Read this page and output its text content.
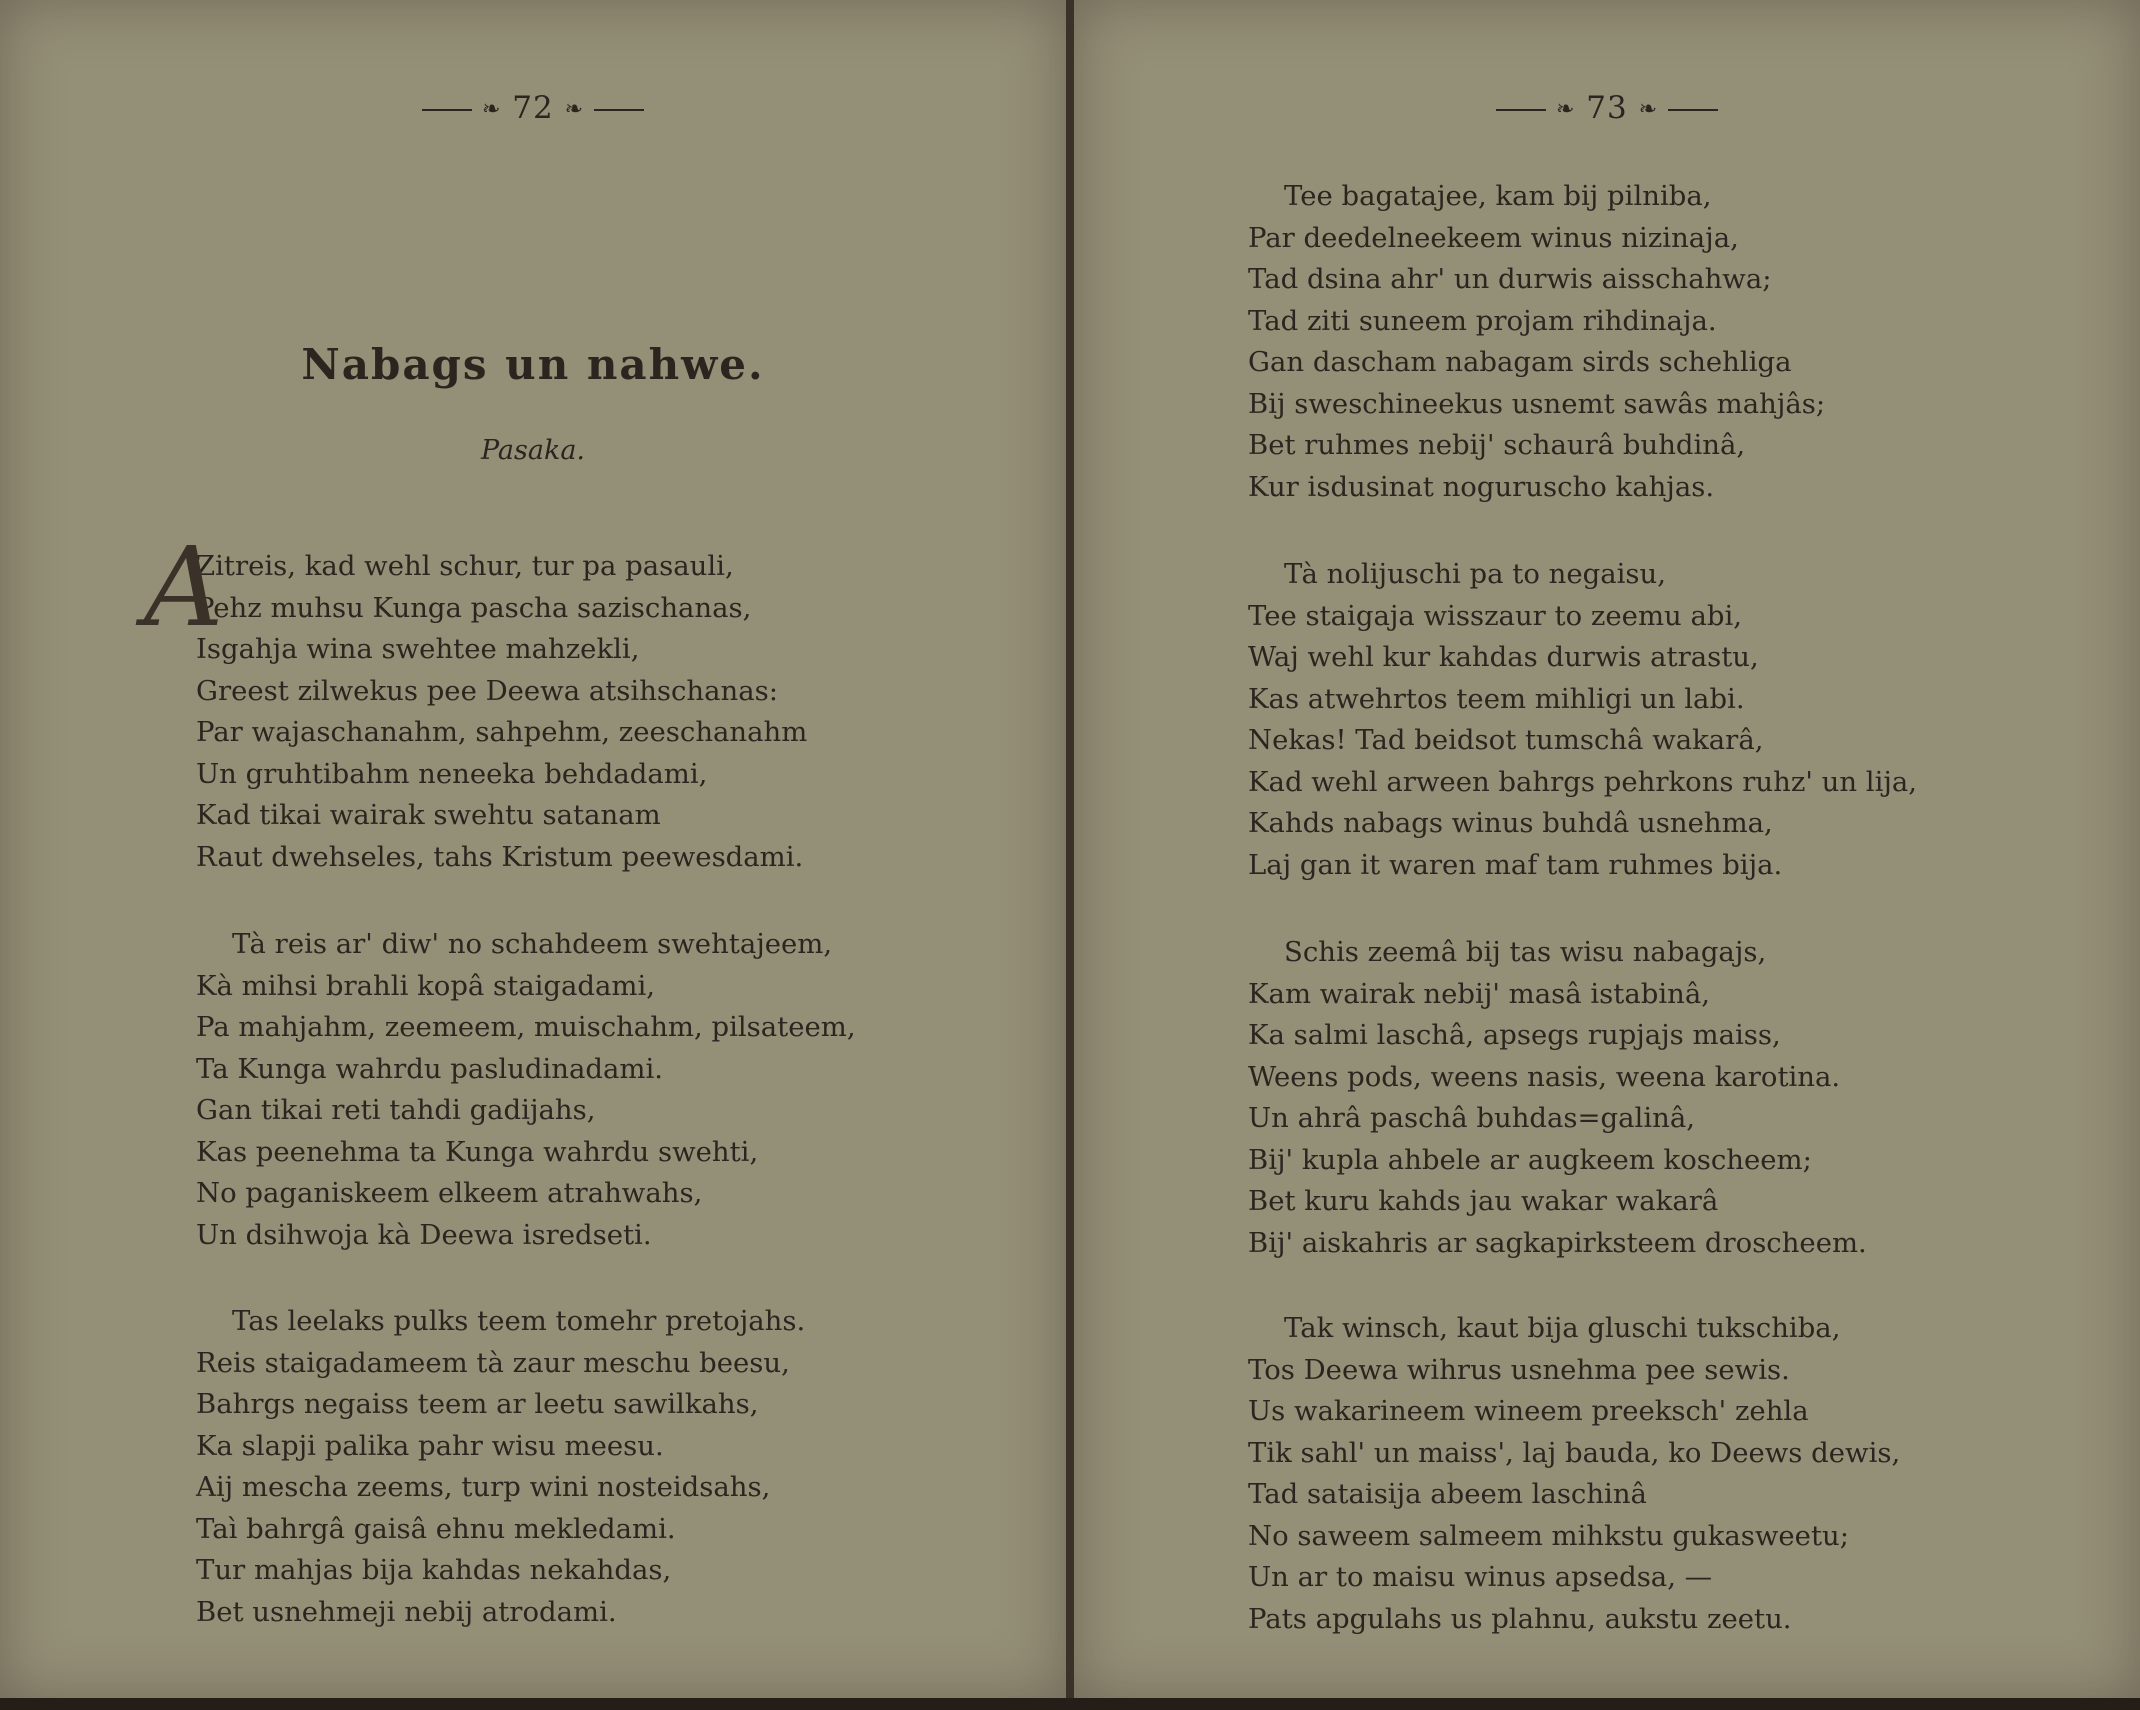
❧ 72 ❧
Nabags un nahwe.
Pasaka.
A
Zitreis, kad wehl schur, tur pa pasauli,
Pehz muhsu Kunga pascha sazischanas,
Isgahja wina swehtee mahzekli,
Greest zilwekus pee Deewa atsihschanas:
Par wajaschanahm, sahpehm, zeeschanahm
Un gruhtibahm neneeka behdadami,
Kad tikai wairak swehtu satanam
Raut dwehseles, tahs Kristum peewesdami.
Tà reis ar' diw' no schahdeem swehtajeem,
Kà mihsi brahli kopâ staigadami,
Pa mahjahm, zeemeem, muischahm, pilsateem,
Ta Kunga wahrdu pasludinadami.
Gan tikai reti tahdi gadijahs,
Kas peenehma ta Kunga wahrdu swehti,
No paganiskeem elkeem atrahwahs,
Un dsihwoja kà Deewa isredseti.
Tas leelaks pulks teem tomehr pretojahs.
Reis staigadameem tà zaur meschu beesu,
Bahrgs negaiss teem ar leetu sawilkahs,
Ka slapji palika pahr wisu meesu.
Aij mescha zeems, turp wini nosteidsahs,
Taì bahrgâ gaisâ ehnu mekledami.
Tur mahjas bija kahdas nekahdas,
Bet usnehmeji nebij atrodami.
❧ 73 ❧
Tee bagatajee, kam bij pilniba,
Par deedelneekeem winus nizinaja,
Tad dsina ahr' un durwis aisschahwa;
Tad ziti suneem projam rihdinaja.
Gan dascham nabagam sirds schehliga
Bij sweschineekus usnemt sawâs mahjâs;
Bet ruhmes nebij' schaurâ buhdinâ,
Kur isdusinat noguruscho kahjas.
Tà nolijuschi pa to negaisu,
Tee staigaja wisszaur to zeemu abi,
Waj wehl kur kahdas durwis atrastu,
Kas atwehrtos teem mihligi un labi.
Nekas! Tad beidsot tumschâ wakarâ,
Kad wehl arween bahrgs pehrkons ruhz' un lija,
Kahds nabags winus buhdâ usnehma,
Laj gan it waren maf tam ruhmes bija.
Schis zeemâ bij tas wisu nabagajs,
Kam wairak nebij' masâ istabinâ,
Ka salmi laschâ, apsegs rupjajs maiss,
Weens pods, weens nasis, weena karotina.
Un ahrâ paschâ buhdas=galinâ,
Bij' kupla ahbele ar augkeem koscheem;
Bet kuru kahds jau wakar wakarâ
Bij' aiskahris ar sagkapirksteem droscheem.
Tak winsch, kaut bija gluschi tukschiba,
Tos Deewa wihrus usnehma pee sewis.
Us wakarineem wineem preeksch' zehla
Tik sahl' un maiss', laj bauda, ko Deews dewis,
Tad sataisija abeem laschinâ
No saweem salmeem mihkstu gukasweetu;
Un ar to maisu winus apsedsa, —
Pats apgulahs us plahnu, aukstu zeetu.
